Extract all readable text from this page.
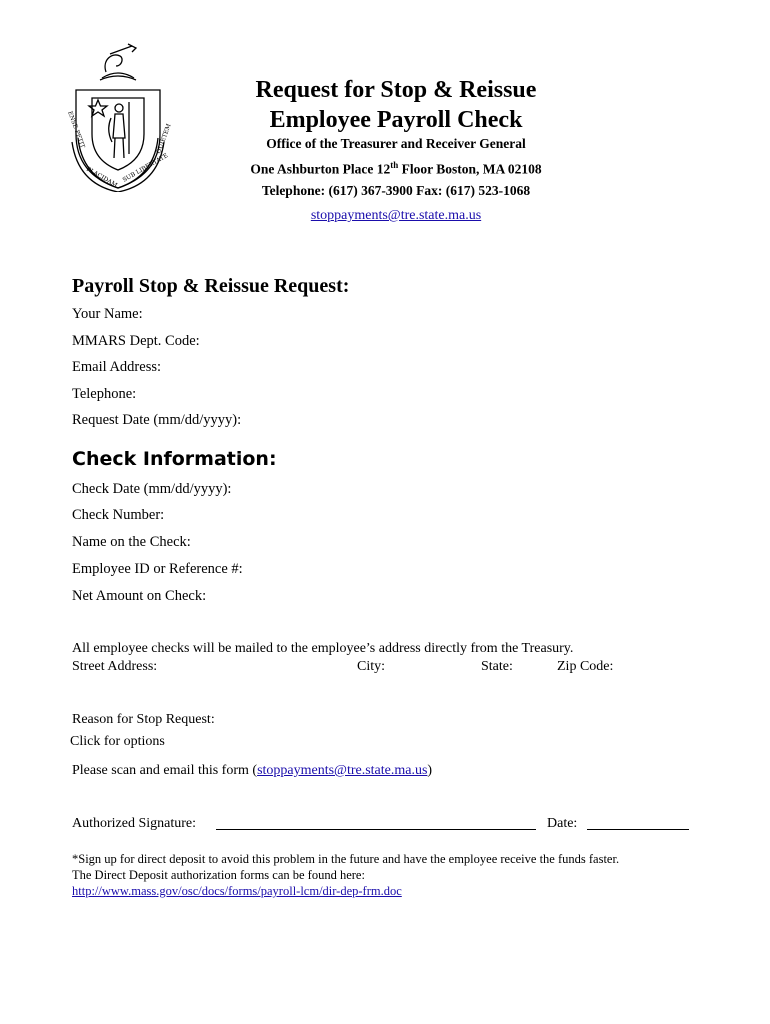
ENSE PETIT
PLACIDAM SUB LIBERTATE
QUIETEM
Request for Stop & Reissue
Employee Payroll Check
Office of the Treasurer and Receiver General
One Ashburton Place 12th Floor Boston, MA 02108
Telephone: (617) 367-3900 Fax: (617) 523-1068
stoppayments@tre.state.ma.us
Payroll Stop & Reissue Request:
Your Name:
MMARS Dept. Code:
Email Address:
Telephone:
Request Date (mm/dd/yyyy):
Check Information:
Check Date (mm/dd/yyyy):
Check Number:
Name on the Check:
Employee ID or Reference #:
Net Amount on Check:
All employee checks will be mailed to the employee’s address directly from the Treasury.
Street Address:	City:	State:	Zip Code:
Reason for Stop Request:
Click for options
Please scan and email this form (stoppayments@tre.state.ma.us)
Authorized Signature:	Date:
*Sign up for direct deposit to avoid this problem in the future and have the employee receive the funds faster.
The Direct Deposit authorization forms can be found here:
http://www.mass.gov/osc/docs/forms/payroll-lcm/dir-dep-frm.doc
